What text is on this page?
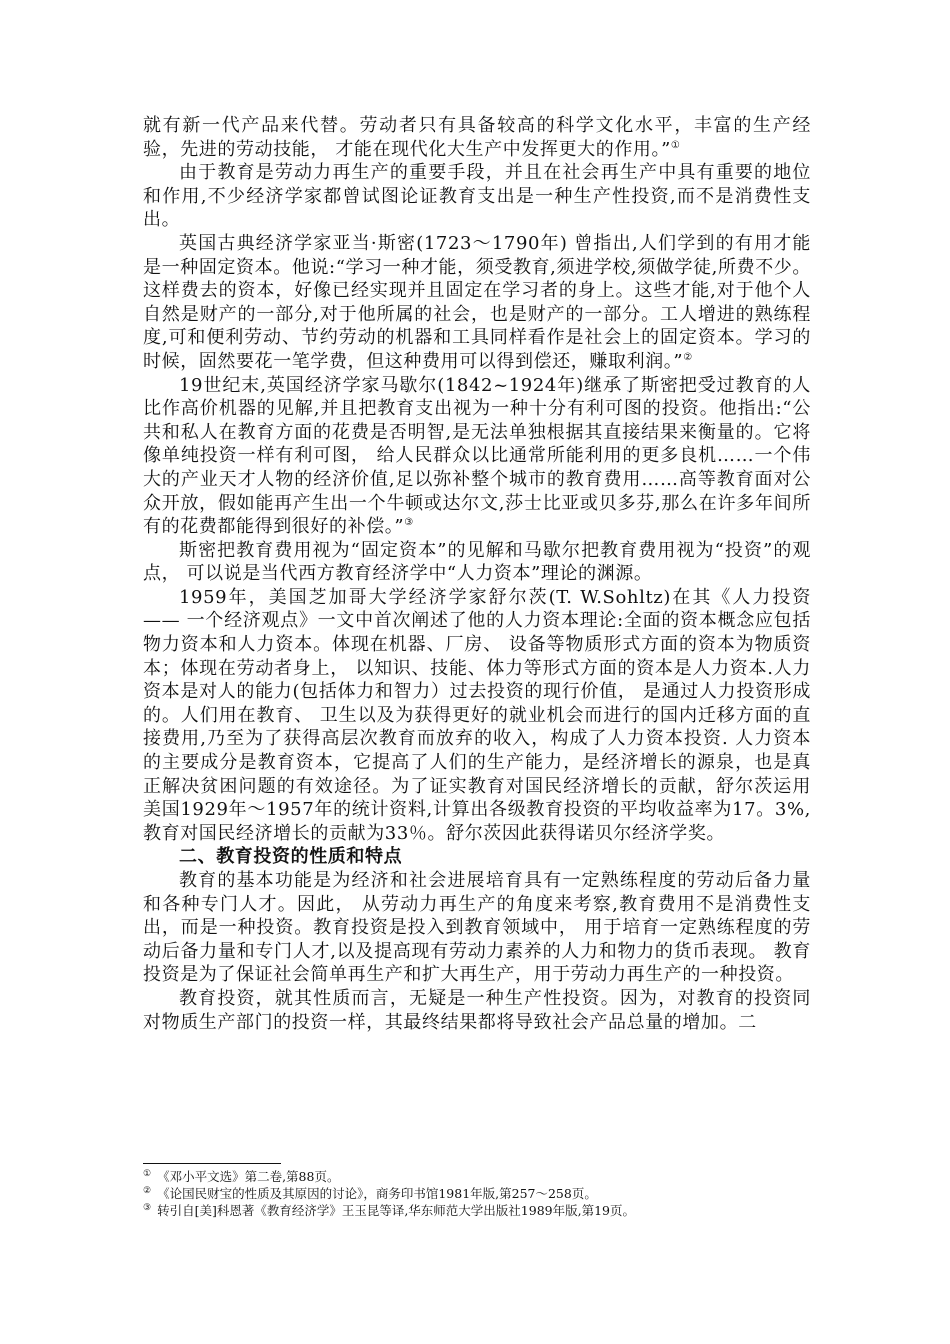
就有新一代产品来代替。劳动者只有具备较高的科学文化水平，丰富的生产经验，先进的劳动技能， 才能在现代化大生产中发挥更大的作用。”①

由于教育是劳动力再生产的重要手段，并且在社会再生产中具有重要的地位和作用,不少经济学家都曾试图论证教育支出是一种生产性投资,而不是消费性支出。

英国古典经济学家亚当·斯密(1723～1790年) 曾指出,人们学到的有用才能是一种固定资本。他说:“学习一种才能，须受教育,须进学校,须做学徒,所费不少。这样费去的资本，好像已经实现并且固定在学习者的身上。这些才能,对于他个人自然是财产的一部分,对于他所属的社会，也是财产的一部分。工人增进的熟练程度,可和便利劳动、节约劳动的机器和工具同样看作是社会上的固定资本。学习的时候，固然要花一笔学费，但这种费用可以得到偿还，赚取利润。”②

19世纪末,英国经济学家马歇尔(1842~1924年)继承了斯密把受过教育的人比作高价机器的见解,并且把教育支出视为一种十分有利可图的投资。他指出:“公共和私人在教育方面的花费是否明智,是无法单独根据其直接结果来衡量的。它将像单纯投资一样有利可图， 给人民群众以比通常所能利用的更多良机……一个伟大的产业天才人物的经济价值,足以弥补整个城市的教育费用……高等教育面对公众开放，假如能再产生出一个牛顿或达尔文,莎士比亚或贝多芬,那么在许多年间所有的花费都能得到很好的补偿。”③

斯密把教育费用视为“固定资本”的见解和马歇尔把教育费用视为“投资”的观点， 可以说是当代西方教育经济学中“人力资本”理论的渊源。

1959年，美国芝加哥大学经济学家舒尔茨(T. W.Sohltz)在其《人力投资—— 一个经济观点》一文中首次阐述了他的人力资本理论:全面的资本概念应包括物力资本和人力资本。体现在机器、厂房、 设备等物质形式方面的资本为物质资本；体现在劳动者身上， 以知识、技能、体力等形式方面的资本是人力资本.人力资本是对人的能力(包括体力和智力）过去投资的现行价值， 是通过人力投资形成的。人们用在教育、 卫生以及为获得更好的就业机会而进行的国内迁移方面的直接费用,乃至为了获得高层次教育而放弃的收入，构成了人力资本投资. 人力资本的主要成分是教育资本，它提高了人们的生产能力，是经济增长的源泉，也是真正解决贫困问题的有效途径。为了证实教育对国民经济增长的贡献，舒尔茨运用美国1929年～1957年的统计资料,计算出各级教育投资的平均收益率为17。3%,教育对国民经济增长的贡献为33％。舒尔茨因此获得诺贝尔经济学奖。

二、教育投资的性质和特点

教育的基本功能是为经济和社会进展培育具有一定熟练程度的劳动后备力量和各种专门人才。因此， 从劳动力再生产的角度来考察,教育费用不是消费性支出，而是一种投资。教育投资是投入到教育领域中， 用于培育一定熟练程度的劳动后备力量和专门人才,以及提高现有劳动力素养的人力和物力的货币表现。 教育投资是为了保证社会简单再生产和扩大再生产，用于劳动力再生产的一种投资。

教育投资，就其性质而言，无疑是一种生产性投资。因为，对教育的投资同对物质生产部门的投资一样，其最终结果都将导致社会产品总量的增加。二

① 《邓小平文选》第二卷,第88页。
② 《论国民财宝的性质及其原因的讨论》，商务印书馆1981年版,第257～258页。
③ 转引自[美]科恩著《教育经济学》王玉昆等译,华东师范大学出版社1989年版,第19页。
